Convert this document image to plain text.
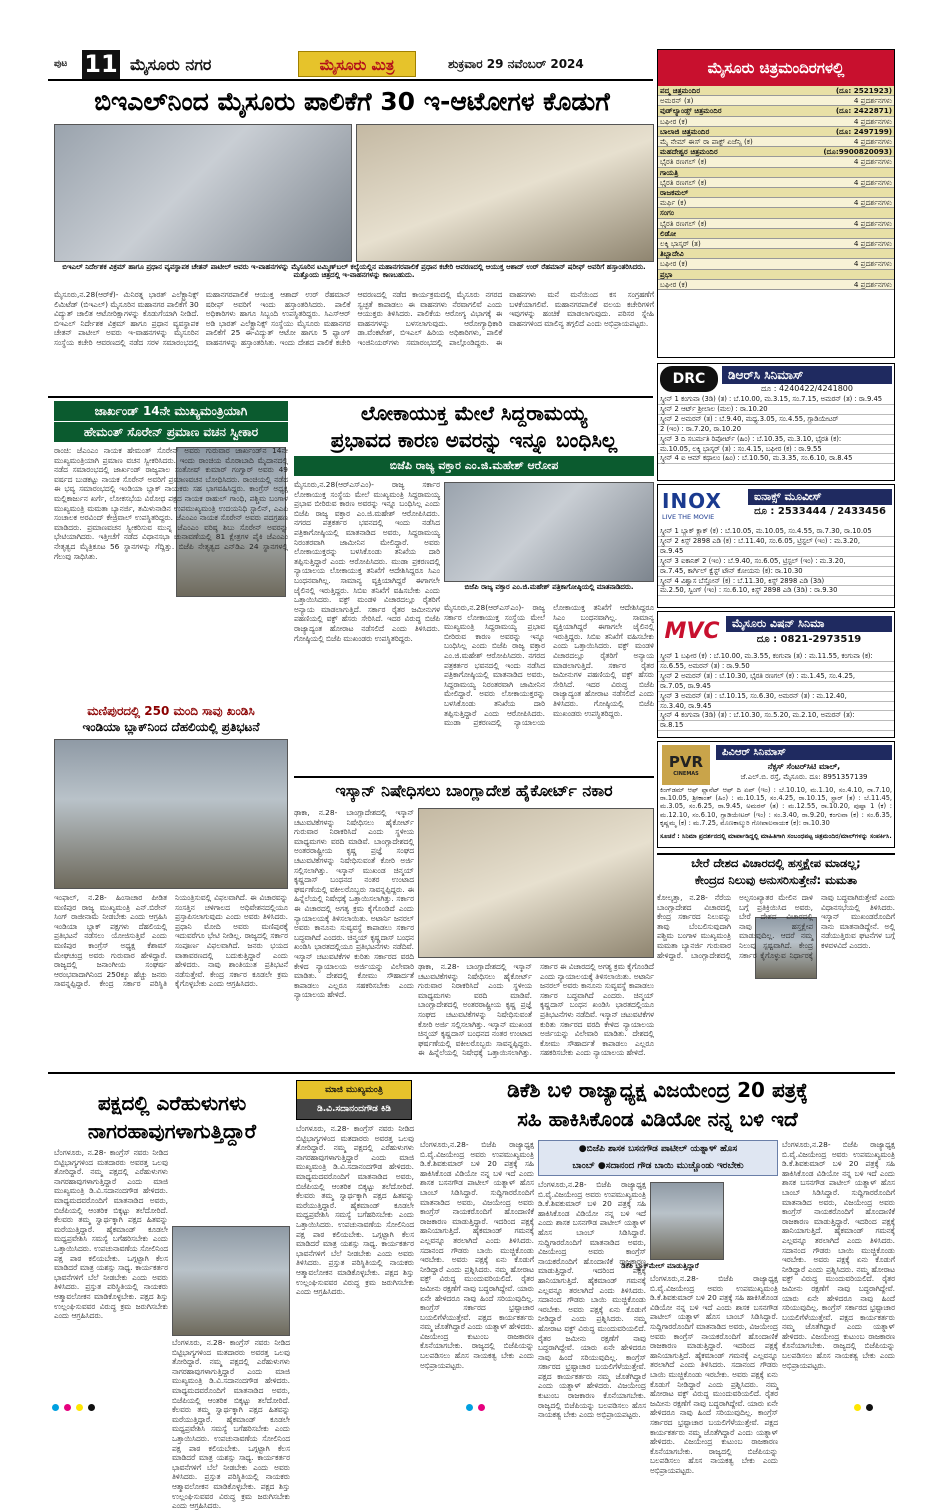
ಪುಟ 11 ಮೈಸೂರು ನಗರ	ಮೈಸೂರು ಮಿತ್ರ	ಶುಕ್ರವಾರ 29 ನವೆಂಬರ್ 2024
ಬಿಇಎಲ್‌ನಿಂದ ಮೈಸೂರು ಪಾಲಿಕೆಗೆ 30 ಇ-ಆಟೋಗಳ ಕೊಡುಗೆ
ಬಿಇಎಲ್ ನಿರ್ದೇಶಕ ವಿಕ್ರಮ್ ಹಾಗೂ ಪ್ರಧಾನ ವ್ಯವಸ್ಥಾಪಕ ಚೇತನ್ ಪಾಟೀಲ್ ಅವರು ಇ-ವಾಹನಗಳನ್ನು ಮೈಸೂರಿನ ಟಮ್ಮಿಣ್‌ಬಲ್ ಕಲ್ಯೆಯಲ್ಲಿನ ಮಹಾನಗರಪಾಲಿಕೆ ಪ್ರಧಾನ ಕಚೇರಿ ಆವರಣದಲ್ಲಿ ಆಯುಕ್ತ ಆಶಾದ್ ಉರ್ ರೆಹಮಾನ್ ಷರೀಫ್ ಅವರಿಗೆ ಹಸ್ತಾಂತರಿಸಿದರು. ಮತ್ತೊಂದು ಚಿತ್ರದಲ್ಲಿ ಇ-ವಾಹನಗಳನ್ನು ಕಾಣಬಹುದು.
ಮೈಸೂರು,ನ.28(ಆರ್‌ಕೆ)- ಮಿನಿರತ್ನ ಭಾರತ್ ಎಲೆಕ್ಟ್ರಾನಿಕ್ಸ್ ಲಿಮಿಟೆಡ್ (ಬಿಇಎಲ್) ಮೈಸೂರಿನ ಮಹಾನಗರ ಪಾಲಿಕೆಗೆ 30 ವಿದ್ಯುತ್ ಚಾಲಿತ ಆಟೋರಿಕ್ಷಾಗಳನ್ನು ಕೊಡುಗೆಯಾಗಿ ನೀಡಿದೆ. ಬಿಇಎಲ್ ನಿರ್ದೇಶಕ ವಿಕ್ರಮ್ ಹಾಗೂ ಪ್ರಧಾನ ವ್ಯವಸ್ಥಾಪಕ ಚೇತನ್ ಪಾಟೀಲ್ ಅವರು ಇ-ವಾಹನಗಳನ್ನು ಮೈಸೂರಿನ ಸಂಸ್ಥೆಯ ಕಚೇರಿ ಆವರಣದಲ್ಲಿ ನಡೆದ ಸರಳ ಸಮಾರಂಭದಲ್ಲಿ ಮಹಾನಗರಪಾಲಿಕೆ ಆಯುಕ್ತ ಆಶಾದ್ ಉರ್ ರೆಹಮಾನ್ ಷರೀಫ್ ಅವರಿಗೆ ಇಂದು ಹಸ್ತಾಂತರಿಸಿದರು. ಪಾಲಿಕೆ ಅಧಿಕಾರಿಗಳು ಹಾಗೂ ಸಿಬ್ಬಂದಿ ಉಪಸ್ಥಿತರಿದ್ದರು. ಸಿಎಸ್‌ಆರ್ ಅಡಿ ಭಾರತ್ ಎಲೆಕ್ಟ್ರಾನಿಕ್ಸ್ ಸಂಸ್ಥೆಯು ಮೈಸೂರು ಮಹಾನಗರ ಪಾಲಿಕೆಗೆ 25 ಈ-ವಿದ್ಯುತ್ ಆಟೋ ಹಾಗೂ 5 ಫ್ಯಾಂಗ್ ವಾಹನಗಳನ್ನು ಹಸ್ತಾಂತರಿಸಿತು. ಇಂದು ದೇಶದ ಪಾಲಿಕೆ ಕಚೇರಿ ಆವರಣದಲ್ಲಿ ನಡೆದ ಕಾರ್ಯಕ್ರಮದಲ್ಲಿ ಮೈಸೂರು ನಗರದ ಸ್ವಚ್ಛತೆ ಕಾಪಾಡಲು ಈ ವಾಹನಗಳು ನೆರವಾಗಲಿವೆ ಎಂದು ಆಯುಕ್ತರು ತಿಳಿಸಿದರು. ಪಾಲಿಕೆಯ ಆರೋಗ್ಯ ವಿಭಾಗಕ್ಕೆ ಈ ವಾಹನಗಳನ್ನು ಬಳಸಲಾಗುವುದು. ಆರೋಗ್ಯಾಧಿಕಾರಿ ಡಾ.ವೆಂಕಟೇಶ್, ಬಿಇಎಲ್ ಹಿರಿಯ ಅಧಿಕಾರಿಗಳು, ಪಾಲಿಕೆ ಇಂಜಿನಿಯರ್‌ಗಳು ಸಮಾರಂಭದಲ್ಲಿ ಪಾಲ್ಗೊಂಡಿದ್ದರು. ಈ ವಾಹನಗಳು ಮನೆ ಮನೆಯಿಂದ ಕಸ ಸಂಗ್ರಹಣೆಗೆ ಬಳಕೆಯಾಗಲಿವೆ. ಮಹಾನಗರಪಾಲಿಕೆ ವಲಯ ಕಚೇರಿಗಳಿಗೆ ಇವುಗಳನ್ನು ಹಂಚಿಕೆ ಮಾಡಲಾಗುವುದು. ಪರಿಸರ ಸ್ನೇಹಿ ವಾಹನಗಳಿಂದ ಮಾಲಿನ್ಯ ತಗ್ಗಲಿದೆ ಎಂದು ಅಭಿಪ್ರಾಯಪಟ್ಟರು.
ಮೈಸೂರು ಚಿತ್ರಮಂದಿರಗಳಲ್ಲಿ
ಪದ್ಮ ಚಿತ್ರಮಂದಿರ	(ದೂ: 2521923)
ಅಮರನ್ (ತ)	4 ಪ್ರದರ್ಶನಗಳು
ವುಡ್‌ಲ್ಯಾಂಡ್ಸ್ ಚಿತ್ರಮಂದಿರ	(ದೂ: 2422871)
ಬಘೀರ (ಕ)	4 ಪ್ರದರ್ಶನಗಳು
ಬಾಲಾಜಿ ಚಿತ್ರಮಂದಿರ	(ದೂ: 2497199)
ಮೈ ನೇಮ್ ಈಸ್ ರಾ ಪಾಕ್ಟ್ ಏಜೆನ್ಸಿ (ಕ)	4 ಪ್ರದರ್ಶನಗಳು
ಮಹದೇಶ್ವರ ಚಿತ್ರಮಂದಿರ	(ದೂ:9900820093)
ಭೈರತಿ ರಣಗಲ್ (ಕ)	4 ಪ್ರದರ್ಶನಗಳು
ಗಾಯತ್ರಿ
ಭೈರತಿ ರಣಗಲ್ (ಕ)	4 ಪ್ರದರ್ಶನಗಳು
ರಾಜಕಮಲ್
ಮರ್ಫಿ (ಕ)	4 ಪ್ರದರ್ಶನಗಳು
ಸಂಗಂ
ಭೈರತಿ ರಣಗಲ್ (ಕ)	4 ಪ್ರದರ್ಶನಗಳು
ಲಿಡೋ
ಲಕ್ಕಿ ಭಾಸ್ಕರ್ (ತ)	4 ಪ್ರದರ್ಶನಗಳು
ತಿಬ್ಬಾದೇವಿ
ಬಘೀರ (ಕ)	4 ಪ್ರದರ್ಶನಗಳು
ಪ್ರಭಾ
ಬಘೀರ (ಕ)	4 ಪ್ರದರ್ಶನಗಳು
DRC	ಡಿಆರ್‌ಸಿ ಸಿನಿಮಾಸ್
ದೂ : 4240422/4241800
ಸ್ಕ್ರೀನ್ 1 ಕಂಗುವಾ (3ಡಿ) (ತ) : ಬೆ.10.00, ಮ.3.15, ಸಂ.7.15, ಅಮರನ್ (ತ) : ರಾ.9.45
ಸ್ಕ್ರೀನ್ 2 ಆರ್ಟ್ ಶ್ರೀಲಾಲ (ಮಲ) : ರಾ.10.20
ಸ್ಕ್ರೀನ್ 2 ಅಮರನ್ (ತ) : ಬೆ.9.40, ಮಧ್ಯ.3.05, ಸಂ.4.55, ಗ್ಲಾಡಿಯೇಟರ್
2 (ಇಂ) : ರಾ.7.20, ರಾ.10.20
ಸ್ಕ್ರೀನ್ 3 ದಿ ಸಬರ್ಮತಿ ರಿಪೋರ್ಟ್ (ಹಿಂ) : ಬೆ.10.35, ಮ.3.10, ಭೈರತಿ (ಕ):
ಮ.10.05, ಲಕ್ಕಿ ಭಾಸ್ಕರ್ (ತ) : ಸಂ.4.15, ಬಘೀರ (ಕ) : ರಾ.9.55
ಸ್ಕ್ರೀನ್ 4 ಐ ಆಮ್ ಕಥಾಲಂ (ಹಿಂ) : ಬೆ.10.50, ಮ.3.35, ಸಂ.6.10, ರಾ.8.45
INOX
LIVE THE MOVIE
ಐನಾಕ್ಸ್ ಮೂವೀಸ್
ದೂ : 2533444 / 2433456
ಸ್ಕ್ರೀನ್ 1 ಬ್ಲಾಕ್ ಕ್ಲಾಕ್ (ಕ) : ಬೆ.10.05, ಮ.10.05, ಸಂ.4.55, ರಾ.7.30, ರಾ.10.05
ಸ್ಕ್ರೀನ್ 2 ಕಿಸ್ಸ್ 2898 ಎಡಿ (ಕ) : ಬೆ.11.40, ಸಂ.6.05, ಟ್ರಿಸ್ಟಲ್ (ಇಂ) : ಮ.3.20,
ರಾ.9.45
ಸ್ಕ್ರೀನ್ 3 ಐಕಾನಿಕ್ 2 (ಇಂ) : ಬೆ.9.40, ಸಂ.6.05, ಟ್ರಿಸ್ಟಲ್ (ಇಂ) : ಮ.3.20,
ರಾ.7.45, ಕಾರ್ಗಿಲ್ ಕ್ವೆಸ್ಟ್ ಟೌನ್ ಕೋಯನು (ಕ): ರಾ.10.30
ಸ್ಕ್ರೀನ್ 4 ವಿಶ್ವಾಸ ಬೆಸ್ತೋನ್ (ಕ) : ಬೆ.11.30, ಕಿಸ್ಸ್ 2898 ಎಡಿ (3ಡಿ)
ಮ.2.50, ಸ್ವಿಂಗ್ (ಇಂ) : ಸಂ.6.10, ಕಿಸ್ಸ್ 2898 ಎಡಿ (3ಡಿ) : ರಾ.9.30
MVC	ಮೈಸೂರು ವಿಷನ್ ಸಿನಿಮಾ
ದೂ : 0821-2973519
ಸ್ಕ್ರೀನ್ 1 ಬಘೀರ (ಕ) : ಬೆ.10.00, ಮ.3.55, ಕಂಗುವಾ (ತ) : ಮ.11.55, ಕಂಗುವಾ (ಕ):
ಸಂ.6.55, ಅಮರನ್ (ತ) : ರಾ.9.50
ಸ್ಕ್ರೀನ್ 2 ಅಮರನ್ (ತ) : ಬೆ.10.30, ಭೈರತಿ ರಣಗಲ್ (ಕ) : ಮ.1.45, ಸಂ.4.25,
ರಾ.7.05, ರಾ.9.45
ಸ್ಕ್ರೀನ್ 3 ಅಮರನ್ (ತ) : ಬೆ.10.15, ಸಂ.6.30, ಅಮರನ್ (ತ) : ಮ.12.40,
ಸಂ.3.40, ರಾ.9.45
ಸ್ಕ್ರೀನ್ 4 ಕಂಗುವಾ (3ಡಿ) (ತ) : ಬೆ.10.30, ಸಂ.5.20, ಮ.2.10, ಅಮರನ್ (ತ):
ರಾ.8.15
PVR
CINEMAS
ಪಿವಿಆರ್ ಸಿನಿಮಾಸ್
ನೆಕ್ಸಸ್ ಸೆಂಟರ್‌ಸಿಟಿ ಮಾಲ್,
ಜೆ.ಎಲ್.ಬಿ. ರಸ್ತೆ, ಮೈಸೂರು. ದೂ: 8951357139
ಕಿಂಗ್‌ಡಮ್ ಆಫ್ ಪ್ಲಾನೆಟ್ ಆಫ್ ದಿ ಏಪ್ (ಇಂ) : ಬೆ.10.10, ಮ.1.10, ಸಂ.4.10, ರಾ.7.10, ರಾ.10.05, ಶ್ರೀಕಾಂತ್ (ಹಿಂ) : ಮ.10.15, ಸಂ.4.25, ರಾ.10.15, ಸ್ಟಾರ್ (ತ) : ಬೆ.11.45, ಮ.3.05, ಸಂ.6.25, ರಾ.9.45, ಅಮರನ್ (ತ) : ಮ.12.55, ರಾ.10.20, ಪುಷ್ಪಾ 1 (ಕ) : ಮ.12.10, ಸಂ.6.10, ಗ್ಲಾಡಿಯೇಟರ್ (ಇಂ) : ಸಂ.3.40, ರಾ.9.20, ಕಂಗುವಾ (ಕ) : ಸಂ.6.35, ಕೃಷ್ಣಮ್ಮ (ಕ) : ಮ.7.25, ಮೊಣಕಾಲ್ಮುರಿ ಗೋಪಾಲನಾಯಕ (ಕ): ರಾ.10.30
ಸೂಚನೆ : ಸಿನಿಮಾ ಪ್ರದರ್ಶನದಲ್ಲಿ ಮಾರ್ಪಾಡಿದ್ದಲ್ಲಿ ಮಾಹಿತಿಗಾಗಿ ಸಂಬಂಧಪಟ್ಟ ಚಿತ್ರಮಂದಿರ/ಮಾಲ್‌ಗಳನ್ನು ಸಂಪರ್ಕಿಸಿ.
ಜಾರ್ಖಂಡ್ 14ನೇ ಮುಖ್ಯಮಂತ್ರಿಯಾಗಿ
ಹೇಮಂತ್ ಸೊರೇನ್ ಪ್ರಮಾಣ ವಚನ ಸ್ವೀಕಾರ
ರಾಂಚಿ: ಜೆಎಂಎಂ ನಾಯಕ ಹೇಮಂತ್ ಸೊರೇನ್ ಅವರು ಗುರುವಾರ ಜಾರ್ಖಂಡ್‌ನ 14ನೇ ಮುಖ್ಯಮಂತ್ರಿಯಾಗಿ ಪ್ರಮಾಣ ವಚನ ಸ್ವೀಕರಿಸಿದರು. ಇಂದು ರಾಂಚಿಯ ಮೊರಾಬಾದಿ ಮೈದಾನದಲ್ಲಿ ನಡೆದ ಸಮಾರಂಭದಲ್ಲಿ ಜಾರ್ಖಂಡ್ ರಾಜ್ಯಪಾಲ ಸಂತೋಷ್ ಕುಮಾರ್ ಗಂಗ್ವಾರ್ ಅವರು 49 ವರ್ಷದ ಬುಡಕಟ್ಟು ನಾಯಕ ಸೊರೇನ್ ಅವರಿಗೆ ಪ್ರಮಾಣವಚನ ಬೋಧಿಸಿದರು. ರಾಂಚಿಯಲ್ಲಿ ನಡೆದ ಈ ಭವ್ಯ ಸಮಾರಂಭದಲ್ಲಿ ಇಂಡಿಯಾ ಬ್ಲಾಕ್ ನಾಯಕರು ಸಹ ಭಾಗವಹಿಸಿದ್ದರು. ಕಾಂಗ್ರೆಸ್ ಅಧ್ಯಕ್ಷ ಮಲ್ಲಿಕಾರ್ಜುನ ಖರ್ಗೆ, ಲೋಕಸಭೆಯ ವಿರೋಧ ಪಕ್ಷದ ನಾಯಕ ರಾಹುಲ್ ಗಾಂಧಿ, ಪಶ್ಚಿಮ ಬಂಗಾಳ ಮುಖ್ಯಮಂತ್ರಿ ಮಮತಾ ಬ್ಯಾನರ್ಜಿ, ತಮಿಳುನಾಡಿನ ಉಪಮುಖ್ಯಮಂತ್ರಿ ಉದಯನಿಧಿ ಸ್ಟಾಲಿನ್, ಎಎಪಿ ಸಂಚಾಲಕ ಅರವಿಂದ್ ಕೇಜ್ರಿವಾಲ್ ಉಪಸ್ಥಿತರಿದ್ದರು. ಜೆಎಂಎಂ ನಾಯಕ ಸೊರೇನ್ ಅವರು ಪದಗ್ರಹಣ ಮಾಡಿದರು. ಪ್ರಮಾಣವಚನ ಸ್ವೀಕರಿಸುವ ಮುನ್ನ ಜೆಎಂಎಂ ವರಿಷ್ಠ ಶಿಬು ಸೊರೇನ್ ಅವರನ್ನು ಭೇಟಿಯಾಗಿದರು. ಇತ್ತೀಚೆಗೆ ನಡೆದ ವಿಧಾನಸಭಾ ಚುನಾವಣೆಯಲ್ಲಿ 81 ಕ್ಷೇತ್ರಗಳ ಪೈಕಿ ಜೆಎಂಎಂ ನೇತೃತ್ವದ ಮೈತ್ರಿಕೂಟ 56 ಸ್ಥಾನಗಳನ್ನು ಗೆದ್ದಿತ್ತು. ಬಿಜೆಪಿ ನೇತೃತ್ವದ ಎನ್‌ಡಿಎ 24 ಸ್ಥಾನಗಳಲ್ಲಿ ಗೆಲುವು ಸಾಧಿಸಿತು.
ಲೋಕಾಯುಕ್ತ ಮೇಲೆ ಸಿದ್ದರಾಮಯ್ಯ
ಪ್ರಭಾವದ ಕಾರಣ ಅವರನ್ನು ಇನ್ನೂ ಬಂಧಿಸಿಲ್ಲ
ಬಿಜೆಪಿ ರಾಜ್ಯ ವಕ್ತಾರ ಎಂ.ಜಿ.ಮಹೇಶ್ ಆರೋಪ
ಬಿಜೆಪಿ ರಾಜ್ಯ ವಕ್ತಾರ ಎಂ.ಜಿ.ಮಹೇಶ್ ಪತ್ರಿಕಾಗೋಷ್ಠಿಯಲ್ಲಿ ಮಾತನಾಡಿದರು.
ಮೈಸೂರು,ನ.28(ಆರ್‌ಎಸ್‌ಎಂ)- ರಾಜ್ಯ ಸರ್ಕಾರ ಲೋಕಾಯುಕ್ತ ಸಂಸ್ಥೆಯ ಮೇಲೆ ಮುಖ್ಯಮಂತ್ರಿ ಸಿದ್ದರಾಮಯ್ಯ ಪ್ರಭಾವ ಬೀರಿರುವ ಕಾರಣ ಅವರನ್ನು ಇನ್ನೂ ಬಂಧಿಸಿಲ್ಲ ಎಂದು ಬಿಜೆಪಿ ರಾಜ್ಯ ವಕ್ತಾರ ಎಂ.ಜಿ.ಮಹೇಶ್ ಆರೋಪಿಸಿದರು. ನಗರದ ಪತ್ರಕರ್ತರ ಭವನದಲ್ಲಿ ಇಂದು ನಡೆಸಿದ ಪತ್ರಿಕಾಗೋಷ್ಠಿಯಲ್ಲಿ ಮಾತನಾಡಿದ ಅವರು, ಸಿದ್ದರಾಮಯ್ಯ ನಿರಂತರವಾಗಿ ಜಾಮೀನಿನ ಮೇಲಿದ್ದಾರೆ. ಅವರು ಲೋಕಾಯುಕ್ತರನ್ನು ಬಳಸಿಕೊಂಡು ತನಿಖೆಯ ದಾರಿ ತಪ್ಪಿಸುತ್ತಿದ್ದಾರೆ ಎಂದು ಆರೋಪಿಸಿದರು. ಮುಡಾ ಪ್ರಕರಣದಲ್ಲಿ ನ್ಯಾಯಾಲಯ ಲೋಕಾಯುಕ್ತ ತನಿಖೆಗೆ ಆದೇಶಿಸಿದ್ದರೂ ಸಿಎಂ ಬಂಧನವಾಗಿಲ್ಲ. ಸಾಮಾನ್ಯ ವ್ಯಕ್ತಿಯಾಗಿದ್ದರೆ ಈಗಾಗಲೇ ಜೈಲಿನಲ್ಲಿ ಇರುತ್ತಿದ್ದರು. ಸಿಬಿಐ ತನಿಖೆಗೆ ವಹಿಸಬೇಕು ಎಂದು ಒತ್ತಾಯಿಸಿದರು. ವಕ್ಫ್ ಮಂಡಳಿ ವಿಚಾರದಲ್ಲೂ ರೈತರಿಗೆ ಅನ್ಯಾಯ ಮಾಡಲಾಗುತ್ತಿದೆ. ಸರ್ಕಾರ ರೈತರ ಜಮೀನುಗಳ ಪಹಣಿಯಲ್ಲಿ ವಕ್ಫ್ ಹೆಸರು ಸೇರಿಸಿದೆ. ಇದರ ವಿರುದ್ಧ ಬಿಜೆಪಿ ರಾಜ್ಯಾದ್ಯಂತ ಹೋರಾಟ ನಡೆಸಲಿದೆ ಎಂದು ತಿಳಿಸಿದರು. ಗೋಷ್ಠಿಯಲ್ಲಿ ಬಿಜೆಪಿ ಮುಖಂಡರು ಉಪಸ್ಥಿತರಿದ್ದರು.
ಮೈಸೂರು,ನ.28(ಆರ್‌ಎಸ್‌ಎಂ)- ರಾಜ್ಯ ಸರ್ಕಾರ ಲೋಕಾಯುಕ್ತ ಸಂಸ್ಥೆಯ ಮೇಲೆ ಮುಖ್ಯಮಂತ್ರಿ ಸಿದ್ದರಾಮಯ್ಯ ಪ್ರಭಾವ ಬೀರಿರುವ ಕಾರಣ ಅವರನ್ನು ಇನ್ನೂ ಬಂಧಿಸಿಲ್ಲ ಎಂದು ಬಿಜೆಪಿ ರಾಜ್ಯ ವಕ್ತಾರ ಎಂ.ಜಿ.ಮಹೇಶ್ ಆರೋಪಿಸಿದರು. ನಗರದ ಪತ್ರಕರ್ತರ ಭವನದಲ್ಲಿ ಇಂದು ನಡೆಸಿದ ಪತ್ರಿಕಾಗೋಷ್ಠಿಯಲ್ಲಿ ಮಾತನಾಡಿದ ಅವರು, ಸಿದ್ದರಾಮಯ್ಯ ನಿರಂತರವಾಗಿ ಜಾಮೀನಿನ ಮೇಲಿದ್ದಾರೆ. ಅವರು ಲೋಕಾಯುಕ್ತರನ್ನು ಬಳಸಿಕೊಂಡು ತನಿಖೆಯ ದಾರಿ ತಪ್ಪಿಸುತ್ತಿದ್ದಾರೆ ಎಂದು ಆರೋಪಿಸಿದರು. ಮುಡಾ ಪ್ರಕರಣದಲ್ಲಿ ನ್ಯಾಯಾಲಯ ಲೋಕಾಯುಕ್ತ ತನಿಖೆಗೆ ಆದೇಶಿಸಿದ್ದರೂ ಸಿಎಂ ಬಂಧನವಾಗಿಲ್ಲ. ಸಾಮಾನ್ಯ ವ್ಯಕ್ತಿಯಾಗಿದ್ದರೆ ಈಗಾಗಲೇ ಜೈಲಿನಲ್ಲಿ ಇರುತ್ತಿದ್ದರು. ಸಿಬಿಐ ತನಿಖೆಗೆ ವಹಿಸಬೇಕು ಎಂದು ಒತ್ತಾಯಿಸಿದರು. ವಕ್ಫ್ ಮಂಡಳಿ ವಿಚಾರದಲ್ಲೂ ರೈತರಿಗೆ ಅನ್ಯಾಯ ಮಾಡಲಾಗುತ್ತಿದೆ. ಸರ್ಕಾರ ರೈತರ ಜಮೀನುಗಳ ಪಹಣಿಯಲ್ಲಿ ವಕ್ಫ್ ಹೆಸರು ಸೇರಿಸಿದೆ. ಇದರ ವಿರುದ್ಧ ಬಿಜೆಪಿ ರಾಜ್ಯಾದ್ಯಂತ ಹೋರಾಟ ನಡೆಸಲಿದೆ ಎಂದು ತಿಳಿಸಿದರು. ಗೋಷ್ಠಿಯಲ್ಲಿ ಬಿಜೆಪಿ ಮುಖಂಡರು ಉಪಸ್ಥಿತರಿದ್ದರು.
ಮಣಿಪುರದಲ್ಲಿ 250 ಮಂದಿ ಸಾವು ಖಂಡಿಸಿ
ಇಂಡಿಯಾ ಬ್ಲಾಕ್‌ನಿಂದ ದೆಹಲಿಯಲ್ಲಿ ಪ್ರತಿಭಟನೆ
ಇಂಫಾಲ್, ನ.28- ಹಿಂಸಾಚಾರ ಪೀಡಿತ ಮಣಿಪುರ ರಾಜ್ಯ ಮುಖ್ಯಮಂತ್ರಿ ಎನ್.ಬಿರೇನ್ ಸಿಂಗ್ ರಾಜೀನಾಮೆ ನೀಡಬೇಕು ಎಂದು ಆಗ್ರಹಿಸಿ ಇಂಡಿಯಾ ಬ್ಲಾಕ್ ಪಕ್ಷಗಳು ದೆಹಲಿಯಲ್ಲಿ ಪ್ರತಿಭಟನೆ ನಡೆಸಲು ಯೋಜಿಸುತ್ತಿವೆ ಎಂದು ಮಣಿಪುರ ಕಾಂಗ್ರೆಸ್ ಅಧ್ಯಕ್ಷ ಕೆಶಾಮ್ ಮೇಘಚಂದ್ರ ಅವರು ಗುರುವಾರ ಹೇಳಿದ್ದಾರೆ. ರಾಜ್ಯದಲ್ಲಿ ಜನಾಂಗೀಯ ಸಂಘರ್ಷ ಆರಂಭವಾದಾಗಿನಿಂದ 250ಕ್ಕೂ ಹೆಚ್ಚು ಜನರು ಸಾವನ್ನಪ್ಪಿದ್ದಾರೆ. ಕೇಂದ್ರ ಸರ್ಕಾರ ಪರಿಸ್ಥಿತಿ ನಿಯಂತ್ರಿಸುವಲ್ಲಿ ವಿಫಲವಾಗಿದೆ. ಈ ವಿಚಾರವನ್ನು ಸಂಸತ್ತಿನ ಚಳಿಗಾಲದ ಅಧಿವೇಶನದಲ್ಲಿಯೂ ಪ್ರಸ್ತಾಪಿಸಲಾಗುವುದು ಎಂದು ಅವರು ತಿಳಿಸಿದರು. ಪ್ರಧಾನಿ ಮೋದಿ ಅವರು ಮಣಿಪುರಕ್ಕೆ ಇದುವರೆಗೂ ಭೇಟಿ ನೀಡಿಲ್ಲ. ರಾಜ್ಯದಲ್ಲಿ ಸರ್ಕಾರ ಸಂಪೂರ್ಣ ವಿಫಲವಾಗಿದೆ. ಜನರು ಭಯದ ವಾತಾವರಣದಲ್ಲಿ ಬದುಕುತ್ತಿದ್ದಾರೆ ಎಂದು ಹೇಳಿದರು. ನಾವು ಶಾಂತಿಯುತ ಪ್ರತಿಭಟನೆ ನಡೆಸುತ್ತೇವೆ. ಕೇಂದ್ರ ಸರ್ಕಾರ ಕೂಡಲೇ ಕ್ರಮ ಕೈಗೊಳ್ಳಬೇಕು ಎಂದು ಆಗ್ರಹಿಸಿದರು.
ಇಸ್ಕಾನ್ ನಿಷೇಧಿಸಲು ಬಾಂಗ್ಲಾದೇಶ ಹೈಕೋರ್ಟ್ ನಕಾರ
ಢಾಕಾ, ನ.28- ಬಾಂಗ್ಲಾದೇಶದಲ್ಲಿ ಇಸ್ಕಾನ್ ಚಟುವಟಿಕೆಗಳನ್ನು ನಿಷೇಧಿಸಲು ಹೈಕೋರ್ಟ್ ಗುರುವಾರ ನಿರಾಕರಿಸಿದೆ ಎಂದು ಸ್ಥಳೀಯ ಮಾಧ್ಯಮಗಳು ವರದಿ ಮಾಡಿವೆ. ಬಾಂಗ್ಲಾದೇಶದಲ್ಲಿ ಅಂತರರಾಷ್ಟ್ರೀಯ ಕೃಷ್ಣ ಪ್ರಜ್ಞೆ ಸಂಘದ ಚಟುವಟಿಕೆಗಳನ್ನು ನಿಷೇಧಿಸುವಂತೆ ಕೋರಿ ಅರ್ಜಿ ಸಲ್ಲಿಸಲಾಗಿತ್ತು. ಇಸ್ಕಾನ್ ಮುಖಂಡ ಚಿನ್ಮಯ್ ಕೃಷ್ಣದಾಸ್ ಬಂಧನದ ನಂತರ ಉಂಟಾದ ಘರ್ಷಣೆಯಲ್ಲಿ ವಕೀಲರೊಬ್ಬರು ಸಾವನ್ನಪ್ಪಿದ್ದರು. ಈ ಹಿನ್ನೆಲೆಯಲ್ಲಿ ನಿಷೇಧಕ್ಕೆ ಒತ್ತಾಯಿಸಲಾಗಿತ್ತು. ಸರ್ಕಾರ ಈ ವಿಚಾರದಲ್ಲಿ ಅಗತ್ಯ ಕ್ರಮ ಕೈಗೊಂಡಿದೆ ಎಂದು ನ್ಯಾಯಾಲಯಕ್ಕೆ ತಿಳಿಸಲಾಯಿತು. ಅಟಾರ್ನಿ ಜನರಲ್ ಅವರು ಕಾನೂನು ಸುವ್ಯವಸ್ಥೆ ಕಾಪಾಡಲು ಸರ್ಕಾರ ಬದ್ಧವಾಗಿದೆ ಎಂದರು. ಚಿನ್ಮಯ್ ಕೃಷ್ಣದಾಸ್ ಬಂಧನ ಖಂಡಿಸಿ ಭಾರತದಲ್ಲಿಯೂ ಪ್ರತಿಭಟನೆಗಳು ನಡೆದಿವೆ. ಇಸ್ಕಾನ್ ಚಟುವಟಿಕೆಗಳ ಕುರಿತು ಸರ್ಕಾರದ ವರದಿ ಕೇಳಿದ ನ್ಯಾಯಾಲಯ ಅರ್ಜಿಯನ್ನು ವಿಲೇವಾರಿ ಮಾಡಿತು. ದೇಶದಲ್ಲಿ ಕೋಮು ಸೌಹಾರ್ದತೆ ಕಾಪಾಡಲು ಎಲ್ಲರೂ ಸಹಕರಿಸಬೇಕು ಎಂದು ನ್ಯಾಯಾಲಯ ಹೇಳಿದೆ.
ಢಾಕಾ, ನ.28- ಬಾಂಗ್ಲಾದೇಶದಲ್ಲಿ ಇಸ್ಕಾನ್ ಚಟುವಟಿಕೆಗಳನ್ನು ನಿಷೇಧಿಸಲು ಹೈಕೋರ್ಟ್ ಗುರುವಾರ ನಿರಾಕರಿಸಿದೆ ಎಂದು ಸ್ಥಳೀಯ ಮಾಧ್ಯಮಗಳು ವರದಿ ಮಾಡಿವೆ. ಬಾಂಗ್ಲಾದೇಶದಲ್ಲಿ ಅಂತರರಾಷ್ಟ್ರೀಯ ಕೃಷ್ಣ ಪ್ರಜ್ಞೆ ಸಂಘದ ಚಟುವಟಿಕೆಗಳನ್ನು ನಿಷೇಧಿಸುವಂತೆ ಕೋರಿ ಅರ್ಜಿ ಸಲ್ಲಿಸಲಾಗಿತ್ತು. ಇಸ್ಕಾನ್ ಮುಖಂಡ ಚಿನ್ಮಯ್ ಕೃಷ್ಣದಾಸ್ ಬಂಧನದ ನಂತರ ಉಂಟಾದ ಘರ್ಷಣೆಯಲ್ಲಿ ವಕೀಲರೊಬ್ಬರು ಸಾವನ್ನಪ್ಪಿದ್ದರು. ಈ ಹಿನ್ನೆಲೆಯಲ್ಲಿ ನಿಷೇಧಕ್ಕೆ ಒತ್ತಾಯಿಸಲಾಗಿತ್ತು. ಸರ್ಕಾರ ಈ ವಿಚಾರದಲ್ಲಿ ಅಗತ್ಯ ಕ್ರಮ ಕೈಗೊಂಡಿದೆ ಎಂದು ನ್ಯಾಯಾಲಯಕ್ಕೆ ತಿಳಿಸಲಾಯಿತು. ಅಟಾರ್ನಿ ಜನರಲ್ ಅವರು ಕಾನೂನು ಸುವ್ಯವಸ್ಥೆ ಕಾಪಾಡಲು ಸರ್ಕಾರ ಬದ್ಧವಾಗಿದೆ ಎಂದರು. ಚಿನ್ಮಯ್ ಕೃಷ್ಣದಾಸ್ ಬಂಧನ ಖಂಡಿಸಿ ಭಾರತದಲ್ಲಿಯೂ ಪ್ರತಿಭಟನೆಗಳು ನಡೆದಿವೆ. ಇಸ್ಕಾನ್ ಚಟುವಟಿಕೆಗಳ ಕುರಿತು ಸರ್ಕಾರದ ವರದಿ ಕೇಳಿದ ನ್ಯಾಯಾಲಯ ಅರ್ಜಿಯನ್ನು ವಿಲೇವಾರಿ ಮಾಡಿತು. ದೇಶದಲ್ಲಿ ಕೋಮು ಸೌಹಾರ್ದತೆ ಕಾಪಾಡಲು ಎಲ್ಲರೂ ಸಹಕರಿಸಬೇಕು ಎಂದು ನ್ಯಾಯಾಲಯ ಹೇಳಿದೆ.
ಬೇರೆ ದೇಶದ ವಿಚಾರದಲ್ಲಿ ಹಸ್ತಕ್ಷೇಪ ಮಾಡಲ್ಲ;
ಕೇಂದ್ರದ ನಿಲುವು ಅನುಸರಿಸುತ್ತೇನೆ: ಮಮತಾ
ಕೋಲ್ಕತ್ತಾ, ನ.28- ನೆರೆಯ ಬಾಂಗ್ಲಾದೇಶದ ವಿಚಾರದಲ್ಲಿ ಕೇಂದ್ರ ಸರ್ಕಾರದ ನಿಲುವನ್ನು ತಾವು ಬೆಂಬಲಿಸುವುದಾಗಿ ಪಶ್ಚಿಮ ಬಂಗಾಳ ಮುಖ್ಯಮಂತ್ರಿ ಮಮತಾ ಬ್ಯಾನರ್ಜಿ ಗುರುವಾರ ಹೇಳಿದ್ದಾರೆ. ಬಾಂಗ್ಲಾದೇಶದಲ್ಲಿ ಅಲ್ಪಸಂಖ್ಯಾತರ ಮೇಲಿನ ದಾಳಿ ಬಗ್ಗೆ ಪ್ರತಿಕ್ರಿಯಿಸಿದ ಅವರು, ಬೇರೆ ದೇಶದ ವಿಚಾರದಲ್ಲಿ ನಾವು ಹಸ್ತಕ್ಷೇಪ ಮಾಡುವುದಿಲ್ಲ. ಆದರೆ ನಮ್ಮ ನಿಲುವು ಸ್ಪಷ್ಟವಾಗಿದೆ. ಕೇಂದ್ರ ಸರ್ಕಾರ ಕೈಗೊಳ್ಳುವ ನಿರ್ಧಾರಕ್ಕೆ ನಾವು ಬದ್ಧವಾಗಿರುತ್ತೇವೆ ಎಂದು ವಿಧಾನಸಭೆಯಲ್ಲಿ ತಿಳಿಸಿದರು. ಇಸ್ಕಾನ್ ಮುಖಂಡರೊಂದಿಗೆ ನಾನು ಮಾತನಾಡಿದ್ದೇನೆ. ಅಲ್ಲಿ ನಡೆಯುತ್ತಿರುವ ಘಟನೆಗಳ ಬಗ್ಗೆ ಕಳವಳವಿದೆ ಎಂದರು.
ಪಕ್ಷದಲ್ಲಿ ಎರೆಹುಳುಗಳು
ನಾಗರಹಾವುಗಳಾಗುತ್ತಿದ್ದಾರೆ
ಮಾಜಿ ಮುಖ್ಯಮಂತ್ರಿ
ಡಿ.ವಿ.ಸದಾನಂದಗೌಡ ಕಿಡಿ
ಬೆಂಗಳೂರು, ನ.28- ಕಾಂಗ್ರೆಸ್ ನವರು ನೀಡಿದ ಬಿಟ್ಟಿಭಾಗ್ಯಗಳಿಂದ ಮತದಾರರು ಅವರತ್ತ ಒಲವು ತೋರಿದ್ದಾರೆ. ನಮ್ಮ ಪಕ್ಷದಲ್ಲಿ ಎರೆಹುಳುಗಳು ನಾಗರಹಾವುಗಳಾಗುತ್ತಿದ್ದಾರೆ ಎಂದು ಮಾಜಿ ಮುಖ್ಯಮಂತ್ರಿ ಡಿ.ವಿ.ಸದಾನಂದಗೌಡ ಹೇಳಿದರು. ಮಾಧ್ಯಮದವರೊಂದಿಗೆ ಮಾತನಾಡಿದ ಅವರು, ಬಿಜೆಪಿಯಲ್ಲಿ ಆಂತರಿಕ ಬಿಕ್ಕಟ್ಟು ತಲೆದೋರಿದೆ. ಕೆಲವರು ತಮ್ಮ ಸ್ವಾರ್ಥಕ್ಕಾಗಿ ಪಕ್ಷದ ಹಿತವನ್ನು ಮರೆಯುತ್ತಿದ್ದಾರೆ. ಹೈಕಮಾಂಡ್ ಕೂಡಲೇ ಮಧ್ಯಪ್ರವೇಶಿಸಿ ಸಮಸ್ಯೆ ಬಗೆಹರಿಸಬೇಕು ಎಂದು ಒತ್ತಾಯಿಸಿದರು. ಉಪಚುನಾವಣೆಯ ಸೋಲಿನಿಂದ ಪಕ್ಷ ಪಾಠ ಕಲಿಯಬೇಕು. ಒಗ್ಗಟ್ಟಾಗಿ ಕೆಲಸ ಮಾಡಿದರೆ ಮಾತ್ರ ಯಶಸ್ಸು ಸಾಧ್ಯ. ಕಾರ್ಯಕರ್ತರ ಭಾವನೆಗಳಿಗೆ ಬೆಲೆ ನೀಡಬೇಕು ಎಂದು ಅವರು ತಿಳಿಸಿದರು. ಪ್ರಸ್ತುತ ಪರಿಸ್ಥಿತಿಯಲ್ಲಿ ನಾಯಕರು ಆತ್ಮಾವಲೋಕನ ಮಾಡಿಕೊಳ್ಳಬೇಕು. ಪಕ್ಷದ ಶಿಸ್ತು ಉಲ್ಲಂಘಿಸುವವರ ವಿರುದ್ಧ ಕ್ರಮ ಜರುಗಿಸಬೇಕು ಎಂದು ಆಗ್ರಹಿಸಿದರು.
ಬೆಂಗಳೂರು, ನ.28- ಕಾಂಗ್ರೆಸ್ ನವರು ನೀಡಿದ ಬಿಟ್ಟಿಭಾಗ್ಯಗಳಿಂದ ಮತದಾರರು ಅವರತ್ತ ಒಲವು ತೋರಿದ್ದಾರೆ. ನಮ್ಮ ಪಕ್ಷದಲ್ಲಿ ಎರೆಹುಳುಗಳು ನಾಗರಹಾವುಗಳಾಗುತ್ತಿದ್ದಾರೆ ಎಂದು ಮಾಜಿ ಮುಖ್ಯಮಂತ್ರಿ ಡಿ.ವಿ.ಸದಾನಂದಗೌಡ ಹೇಳಿದರು. ಮಾಧ್ಯಮದವರೊಂದಿಗೆ ಮಾತನಾಡಿದ ಅವರು, ಬಿಜೆಪಿಯಲ್ಲಿ ಆಂತರಿಕ ಬಿಕ್ಕಟ್ಟು ತಲೆದೋರಿದೆ. ಕೆಲವರು ತಮ್ಮ ಸ್ವಾರ್ಥಕ್ಕಾಗಿ ಪಕ್ಷದ ಹಿತವನ್ನು ಮರೆಯುತ್ತಿದ್ದಾರೆ. ಹೈಕಮಾಂಡ್ ಕೂಡಲೇ ಮಧ್ಯಪ್ರವೇಶಿಸಿ ಸಮಸ್ಯೆ ಬಗೆಹರಿಸಬೇಕು ಎಂದು ಒತ್ತಾಯಿಸಿದರು. ಉಪಚುನಾವಣೆಯ ಸೋಲಿನಿಂದ ಪಕ್ಷ ಪಾಠ ಕಲಿಯಬೇಕು. ಒಗ್ಗಟ್ಟಾಗಿ ಕೆಲಸ ಮಾಡಿದರೆ ಮಾತ್ರ ಯಶಸ್ಸು ಸಾಧ್ಯ. ಕಾರ್ಯಕರ್ತರ ಭಾವನೆಗಳಿಗೆ ಬೆಲೆ ನೀಡಬೇಕು ಎಂದು ಅವರು ತಿಳಿಸಿದರು. ಪ್ರಸ್ತುತ ಪರಿಸ್ಥಿತಿಯಲ್ಲಿ ನಾಯಕರು ಆತ್ಮಾವಲೋಕನ ಮಾಡಿಕೊಳ್ಳಬೇಕು. ಪಕ್ಷದ ಶಿಸ್ತು ಉಲ್ಲಂಘಿಸುವವರ ವಿರುದ್ಧ ಕ್ರಮ ಜರುಗಿಸಬೇಕು ಎಂದು ಆಗ್ರಹಿಸಿದರು.
ಬೆಂಗಳೂರು, ನ.28- ಕಾಂಗ್ರೆಸ್ ನವರು ನೀಡಿದ ಬಿಟ್ಟಿಭಾಗ್ಯಗಳಿಂದ ಮತದಾರರು ಅವರತ್ತ ಒಲವು ತೋರಿದ್ದಾರೆ. ನಮ್ಮ ಪಕ್ಷದಲ್ಲಿ ಎರೆಹುಳುಗಳು ನಾಗರಹಾವುಗಳಾಗುತ್ತಿದ್ದಾರೆ ಎಂದು ಮಾಜಿ ಮುಖ್ಯಮಂತ್ರಿ ಡಿ.ವಿ.ಸದಾನಂದಗೌಡ ಹೇಳಿದರು. ಮಾಧ್ಯಮದವರೊಂದಿಗೆ ಮಾತನಾಡಿದ ಅವರು, ಬಿಜೆಪಿಯಲ್ಲಿ ಆಂತರಿಕ ಬಿಕ್ಕಟ್ಟು ತಲೆದೋರಿದೆ. ಕೆಲವರು ತಮ್ಮ ಸ್ವಾರ್ಥಕ್ಕಾಗಿ ಪಕ್ಷದ ಹಿತವನ್ನು ಮರೆಯುತ್ತಿದ್ದಾರೆ. ಹೈಕಮಾಂಡ್ ಕೂಡಲೇ ಮಧ್ಯಪ್ರವೇಶಿಸಿ ಸಮಸ್ಯೆ ಬಗೆಹರಿಸಬೇಕು ಎಂದು ಒತ್ತಾಯಿಸಿದರು. ಉಪಚುನಾವಣೆಯ ಸೋಲಿನಿಂದ ಪಕ್ಷ ಪಾಠ ಕಲಿಯಬೇಕು. ಒಗ್ಗಟ್ಟಾಗಿ ಕೆಲಸ ಮಾಡಿದರೆ ಮಾತ್ರ ಯಶಸ್ಸು ಸಾಧ್ಯ. ಕಾರ್ಯಕರ್ತರ ಭಾವನೆಗಳಿಗೆ ಬೆಲೆ ನೀಡಬೇಕು ಎಂದು ಅವರು ತಿಳಿಸಿದರು. ಪ್ರಸ್ತುತ ಪರಿಸ್ಥಿತಿಯಲ್ಲಿ ನಾಯಕರು ಆತ್ಮಾವಲೋಕನ ಮಾಡಿಕೊಳ್ಳಬೇಕು. ಪಕ್ಷದ ಶಿಸ್ತು ಉಲ್ಲಂಘಿಸುವವರ ವಿರುದ್ಧ ಕ್ರಮ ಜರುಗಿಸಬೇಕು ಎಂದು ಆಗ್ರಹಿಸಿದರು.
ಡಿಕೆಶಿ ಬಳಿ ರಾಜ್ಯಾಧ್ಯಕ್ಷ ವಿಜಯೇಂದ್ರ 20 ಪತ್ರಕ್ಕೆ
ಸಹಿ ಹಾಕಿಸಿಕೊಂಡ ವಿಡಿಯೋ ನನ್ನ ಬಳಿ ಇದೆ
●ಬಿಜೆಪಿ ಶಾಸಕ ಬಸನಗೌಡ ಪಾಟೀಲ್ ಯತ್ನಾಳ್ ಹೊಸ
ಬಾಂಬ್ ●ಸದಾನಂದ ಗೌಡ ಬಾಯಿ ಮುಚ್ಚೊಂಡು ಇರಬೇಕು
ಡಿಕೆಶಿ ಬ್ಲಾಕ್‌ಮೇಲ್ ಮಾಡುತ್ತಿದ್ದಾರೆ
ಬೆಂಗಳೂರು,ನ.28- ಬಿಜೆಪಿ ರಾಜ್ಯಾಧ್ಯಕ್ಷ ಬಿ.ವೈ.ವಿಜಯೇಂದ್ರ ಅವರು ಉಪಮುಖ್ಯಮಂತ್ರಿ ಡಿ.ಕೆ.ಶಿವಕುಮಾರ್ ಬಳಿ 20 ಪತ್ರಕ್ಕೆ ಸಹಿ ಹಾಕಿಸಿಕೊಂಡ ವಿಡಿಯೋ ನನ್ನ ಬಳಿ ಇದೆ ಎಂದು ಶಾಸಕ ಬಸನಗೌಡ ಪಾಟೀಲ್ ಯತ್ನಾಳ್ ಹೊಸ ಬಾಂಬ್ ಸಿಡಿಸಿದ್ದಾರೆ. ಸುದ್ದಿಗಾರರೊಂದಿಗೆ ಮಾತನಾಡಿದ ಅವರು, ವಿಜಯೇಂದ್ರ ಅವರು ಕಾಂಗ್ರೆಸ್ ನಾಯಕರೊಂದಿಗೆ ಹೊಂದಾಣಿಕೆ ರಾಜಕಾರಣ ಮಾಡುತ್ತಿದ್ದಾರೆ. ಇದರಿಂದ ಪಕ್ಷಕ್ಕೆ ಹಾನಿಯಾಗುತ್ತಿದೆ. ಹೈಕಮಾಂಡ್ ಗಮನಕ್ಕೆ ಎಲ್ಲವನ್ನೂ ತರಲಾಗಿದೆ ಎಂದು ತಿಳಿಸಿದರು. ಸದಾನಂದ ಗೌಡರು ಬಾಯಿ ಮುಚ್ಚಿಕೊಂಡು ಇರಬೇಕು. ಅವರು ಪಕ್ಷಕ್ಕೆ ಏನು ಕೊಡುಗೆ ನೀಡಿದ್ದಾರೆ ಎಂದು ಪ್ರಶ್ನಿಸಿದರು. ನಮ್ಮ ಹೋರಾಟ ವಕ್ಫ್ ವಿರುದ್ಧ ಮುಂದುವರಿಯಲಿದೆ. ರೈತರ ಜಮೀನು ರಕ್ಷಣೆಗೆ ನಾವು ಬದ್ಧರಾಗಿದ್ದೇವೆ. ಯಾರು ಏನೇ ಹೇಳಿದರೂ ನಾವು ಹಿಂದೆ ಸರಿಯುವುದಿಲ್ಲ. ಕಾಂಗ್ರೆಸ್ ಸರ್ಕಾರದ ಭ್ರಷ್ಟಾಚಾರ ಬಯಲಿಗೆಳೆಯುತ್ತೇವೆ. ಪಕ್ಷದ ಕಾರ್ಯಕರ್ತರು ನಮ್ಮ ಜೊತೆಗಿದ್ದಾರೆ ಎಂದು ಯತ್ನಾಳ್ ಹೇಳಿದರು. ವಿಜಯೇಂದ್ರ ಕುಟುಂಬ ರಾಜಕಾರಣ ಕೊನೆಯಾಗಬೇಕು. ರಾಜ್ಯದಲ್ಲಿ ಬಿಜೆಪಿಯನ್ನು ಬಲಪಡಿಸಲು ಹೊಸ ನಾಯಕತ್ವ ಬೇಕು ಎಂದು ಅಭಿಪ್ರಾಯಪಟ್ಟರು.
ಬೆಂಗಳೂರು,ನ.28- ಬಿಜೆಪಿ ರಾಜ್ಯಾಧ್ಯಕ್ಷ ಬಿ.ವೈ.ವಿಜಯೇಂದ್ರ ಅವರು ಉಪಮುಖ್ಯಮಂತ್ರಿ ಡಿ.ಕೆ.ಶಿವಕುಮಾರ್ ಬಳಿ 20 ಪತ್ರಕ್ಕೆ ಸಹಿ ಹಾಕಿಸಿಕೊಂಡ ವಿಡಿಯೋ ನನ್ನ ಬಳಿ ಇದೆ ಎಂದು ಶಾಸಕ ಬಸನಗೌಡ ಪಾಟೀಲ್ ಯತ್ನಾಳ್ ಹೊಸ ಬಾಂಬ್ ಸಿಡಿಸಿದ್ದಾರೆ. ಸುದ್ದಿಗಾರರೊಂದಿಗೆ ಮಾತನಾಡಿದ ಅವರು, ವಿಜಯೇಂದ್ರ ಅವರು ಕಾಂಗ್ರೆಸ್ ನಾಯಕರೊಂದಿಗೆ ಹೊಂದಾಣಿಕೆ ರಾಜಕಾರಣ ಮಾಡುತ್ತಿದ್ದಾರೆ. ಇದರಿಂದ ಪಕ್ಷಕ್ಕೆ ಹಾನಿಯಾಗುತ್ತಿದೆ. ಹೈಕಮಾಂಡ್ ಗಮನಕ್ಕೆ ಎಲ್ಲವನ್ನೂ ತರಲಾಗಿದೆ ಎಂದು ತಿಳಿಸಿದರು. ಸದಾನಂದ ಗೌಡರು ಬಾಯಿ ಮುಚ್ಚಿಕೊಂಡು ಇರಬೇಕು. ಅವರು ಪಕ್ಷಕ್ಕೆ ಏನು ಕೊಡುಗೆ ನೀಡಿದ್ದಾರೆ ಎಂದು ಪ್ರಶ್ನಿಸಿದರು. ನಮ್ಮ ಹೋರಾಟ ವಕ್ಫ್ ವಿರುದ್ಧ ಮುಂದುವರಿಯಲಿದೆ. ರೈತರ ಜಮೀನು ರಕ್ಷಣೆಗೆ ನಾವು ಬದ್ಧರಾಗಿದ್ದೇವೆ. ಯಾರು ಏನೇ ಹೇಳಿದರೂ ನಾವು ಹಿಂದೆ ಸರಿಯುವುದಿಲ್ಲ. ಕಾಂಗ್ರೆಸ್ ಸರ್ಕಾರದ ಭ್ರಷ್ಟಾಚಾರ ಬಯಲಿಗೆಳೆಯುತ್ತೇವೆ. ಪಕ್ಷದ ಕಾರ್ಯಕರ್ತರು ನಮ್ಮ ಜೊತೆಗಿದ್ದಾರೆ ಎಂದು ಯತ್ನಾಳ್ ಹೇಳಿದರು. ವಿಜಯೇಂದ್ರ ಕುಟುಂಬ ರಾಜಕಾರಣ ಕೊನೆಯಾಗಬೇಕು. ರಾಜ್ಯದಲ್ಲಿ ಬಿಜೆಪಿಯನ್ನು ಬಲಪಡಿಸಲು ಹೊಸ ನಾಯಕತ್ವ ಬೇಕು ಎಂದು ಅಭಿಪ್ರಾಯಪಟ್ಟರು.
ಬೆಂಗಳೂರು,ನ.28- ಬಿಜೆಪಿ ರಾಜ್ಯಾಧ್ಯಕ್ಷ ಬಿ.ವೈ.ವಿಜಯೇಂದ್ರ ಅವರು ಉಪಮುಖ್ಯಮಂತ್ರಿ ಡಿ.ಕೆ.ಶಿವಕುಮಾರ್ ಬಳಿ 20 ಪತ್ರಕ್ಕೆ ಸಹಿ ಹಾಕಿಸಿಕೊಂಡ ವಿಡಿಯೋ ನನ್ನ ಬಳಿ ಇದೆ ಎಂದು ಶಾಸಕ ಬಸನಗೌಡ ಪಾಟೀಲ್ ಯತ್ನಾಳ್ ಹೊಸ ಬಾಂಬ್ ಸಿಡಿಸಿದ್ದಾರೆ. ಸುದ್ದಿಗಾರರೊಂದಿಗೆ ಮಾತನಾಡಿದ ಅವರು, ವಿಜಯೇಂದ್ರ ಅವರು ಕಾಂಗ್ರೆಸ್ ನಾಯಕರೊಂದಿಗೆ ಹೊಂದಾಣಿಕೆ ರಾಜಕಾರಣ ಮಾಡುತ್ತಿದ್ದಾರೆ. ಇದರಿಂದ ಪಕ್ಷಕ್ಕೆ ಹಾನಿಯಾಗುತ್ತಿದೆ. ಹೈಕಮಾಂಡ್ ಗಮನಕ್ಕೆ ಎಲ್ಲವನ್ನೂ ತರಲಾಗಿದೆ ಎಂದು ತಿಳಿಸಿದರು. ಸದಾನಂದ ಗೌಡರು ಬಾಯಿ ಮುಚ್ಚಿಕೊಂಡು ಇರಬೇಕು. ಅವರು ಪಕ್ಷಕ್ಕೆ ಏನು ಕೊಡುಗೆ ನೀಡಿದ್ದಾರೆ ಎಂದು ಪ್ರಶ್ನಿಸಿದರು. ನಮ್ಮ ಹೋರಾಟ ವಕ್ಫ್ ವಿರುದ್ಧ ಮುಂದುವರಿಯಲಿದೆ. ರೈತರ ಜಮೀನು ರಕ್ಷಣೆಗೆ ನಾವು ಬದ್ಧರಾಗಿದ್ದೇವೆ. ಯಾರು ಏನೇ ಹೇಳಿದರೂ ನಾವು ಹಿಂದೆ ಸರಿಯುವುದಿಲ್ಲ. ಕಾಂಗ್ರೆಸ್ ಸರ್ಕಾರದ ಭ್ರಷ್ಟಾಚಾರ ಬಯಲಿಗೆಳೆಯುತ್ತೇವೆ. ಪಕ್ಷದ ಕಾರ್ಯಕರ್ತರು ನಮ್ಮ ಜೊತೆಗಿದ್ದಾರೆ ಎಂದು ಯತ್ನಾಳ್ ಹೇಳಿದರು. ವಿಜಯೇಂದ್ರ ಕುಟುಂಬ ರಾಜಕಾರಣ ಕೊನೆಯಾಗಬೇಕು. ರಾಜ್ಯದಲ್ಲಿ ಬಿಜೆಪಿಯನ್ನು ಬಲಪಡಿಸಲು ಹೊಸ ನಾಯಕತ್ವ ಬೇಕು ಎಂದು ಅಭಿಪ್ರಾಯಪಟ್ಟರು.
ಬೆಂಗಳೂರು,ನ.28- ಬಿಜೆಪಿ ರಾಜ್ಯಾಧ್ಯಕ್ಷ ಬಿ.ವೈ.ವಿಜಯೇಂದ್ರ ಅವರು ಉಪಮುಖ್ಯಮಂತ್ರಿ ಡಿ.ಕೆ.ಶಿವಕುಮಾರ್ ಬಳಿ 20 ಪತ್ರಕ್ಕೆ ಸಹಿ ಹಾಕಿಸಿಕೊಂಡ ವಿಡಿಯೋ ನನ್ನ ಬಳಿ ಇದೆ ಎಂದು ಶಾಸಕ ಬಸನಗೌಡ ಪಾಟೀಲ್ ಯತ್ನಾಳ್ ಹೊಸ ಬಾಂಬ್ ಸಿಡಿಸಿದ್ದಾರೆ. ಸುದ್ದಿಗಾರರೊಂದಿಗೆ ಮಾತನಾಡಿದ ಅವರು, ವಿಜಯೇಂದ್ರ ಅವರು ಕಾಂಗ್ರೆಸ್ ನಾಯಕರೊಂದಿಗೆ ಹೊಂದಾಣಿಕೆ ರಾಜಕಾರಣ ಮಾಡುತ್ತಿದ್ದಾರೆ. ಇದರಿಂದ ಪಕ್ಷಕ್ಕೆ ಹಾನಿಯಾಗುತ್ತಿದೆ. ಹೈಕಮಾಂಡ್ ಗಮನಕ್ಕೆ ಎಲ್ಲವನ್ನೂ ತರಲಾಗಿದೆ ಎಂದು ತಿಳಿಸಿದರು. ಸದಾನಂದ ಗೌಡರು ಬಾಯಿ ಮುಚ್ಚಿಕೊಂಡು ಇರಬೇಕು. ಅವರು ಪಕ್ಷಕ್ಕೆ ಏನು ಕೊಡುಗೆ ನೀಡಿದ್ದಾರೆ ಎಂದು ಪ್ರಶ್ನಿಸಿದರು. ನಮ್ಮ ಹೋರಾಟ ವಕ್ಫ್ ವಿರುದ್ಧ ಮುಂದುವರಿಯಲಿದೆ. ರೈತರ ಜಮೀನು ರಕ್ಷಣೆಗೆ ನಾವು ಬದ್ಧರಾಗಿದ್ದೇವೆ. ಯಾರು ಏನೇ ಹೇಳಿದರೂ ನಾವು ಹಿಂದೆ ಸರಿಯುವುದಿಲ್ಲ. ಕಾಂಗ್ರೆಸ್ ಸರ್ಕಾರದ ಭ್ರಷ್ಟಾಚಾರ ಬಯಲಿಗೆಳೆಯುತ್ತೇವೆ. ಪಕ್ಷದ ಕಾರ್ಯಕರ್ತರು ನಮ್ಮ ಜೊತೆಗಿದ್ದಾರೆ ಎಂದು ಯತ್ನಾಳ್ ಹೇಳಿದರು. ವಿಜಯೇಂದ್ರ ಕುಟುಂಬ ರಾಜಕಾರಣ ಕೊನೆಯಾಗಬೇಕು. ರಾಜ್ಯದಲ್ಲಿ ಬಿಜೆಪಿಯನ್ನು ಬಲಪಡಿಸಲು ಹೊಸ ನಾಯಕತ್ವ ಬೇಕು ಎಂದು ಅಭಿಪ್ರಾಯಪಟ್ಟರು.
